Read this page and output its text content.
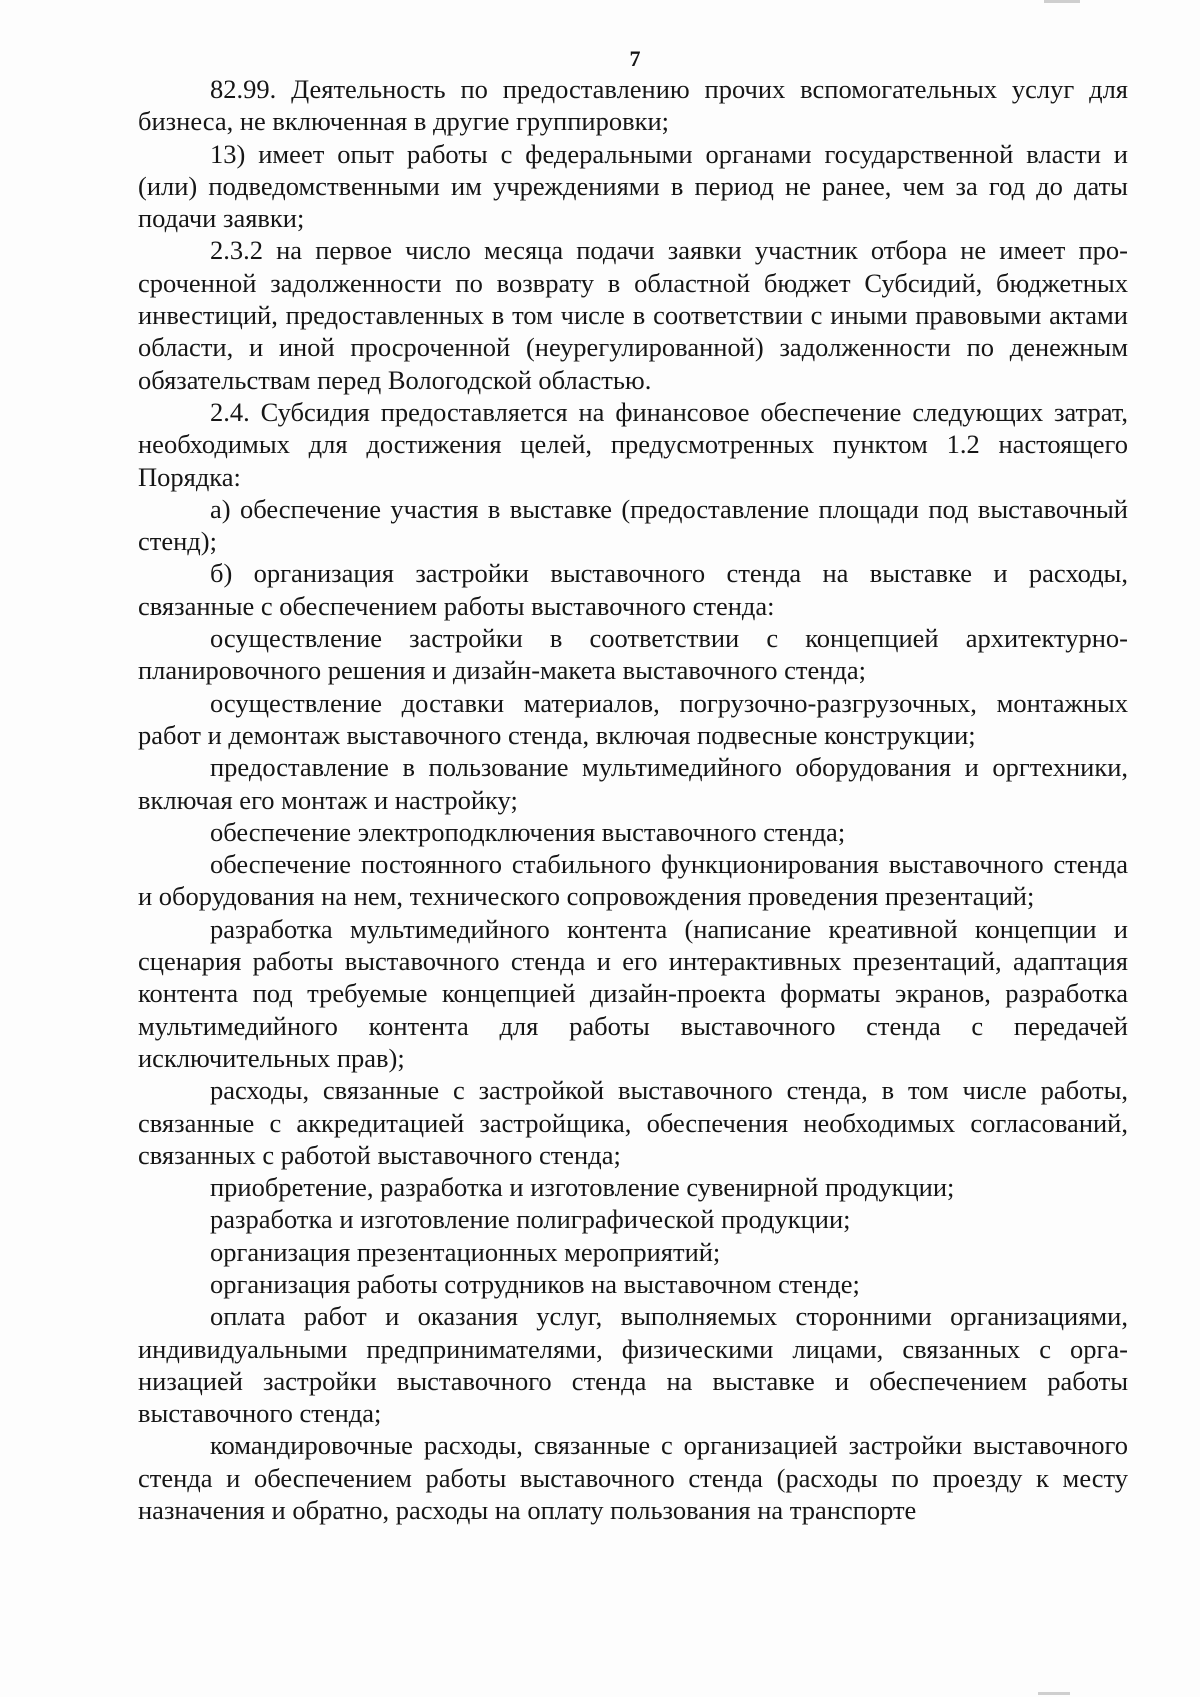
7

82.99. Деятельность по предоставлению прочих вспомогательных услуг для бизнеса, не включенная в другие группировки;

13) имеет опыт работы с федеральными органами государственной власти и (или) подведомственными им учреждениями в период не ранее, чем за год до даты подачи заявки;

2.3.2 на первое число месяца подачи заявки участник отбора не имеет просроченной задолженности по возврату в областной бюджет Субсидий, бюджетных инвестиций, предоставленных в том числе в соответствии с иными правовыми актами области, и иной просроченной (неурегулированной) задолженности по денежным обязательствам перед Вологодской областью.

2.4. Субсидия предоставляется на финансовое обеспечение следующих затрат, необходимых для достижения целей, предусмотренных пунктом 1.2 настоящего Порядка:

а) обеспечение участия в выставке (предоставление площади под выставочный стенд);

б) организация застройки выставочного стенда на выставке и расходы, связанные с обеспечением работы выставочного стенда:

осуществление застройки в соответствии с концепцией архитектурно-планировочного решения и дизайн-макета выставочного стенда;

осуществление доставки материалов, погрузочно-разгрузочных, монтажных работ и демонтаж выставочного стенда, включая подвесные конструкции;

предоставление в пользование мультимедийного оборудования и оргтехники, включая его монтаж и настройку;

обеспечение электроподключения выставочного стенда;

обеспечение постоянного стабильного функционирования выставочного стенда и оборудования на нем, технического сопровождения проведения презентаций;

разработка мультимедийного контента (написание креативной концепции и сценария работы выставочного стенда и его интерактивных презентаций, адаптация контента под требуемые концепцией дизайн-проекта форматы экранов, разработка мультимедийного контента для работы выставочного стенда с передачей исключительных прав);

расходы, связанные с застройкой выставочного стенда, в том числе работы, связанные с аккредитацией застройщика, обеспечения необходимых согласований, связанных с работой выставочного стенда;

приобретение, разработка и изготовление сувенирной продукции;

разработка и изготовление полиграфической продукции;

организация презентационных мероприятий;

организация работы сотрудников на выставочном стенде;

оплата работ и оказания услуг, выполняемых сторонними организациями, индивидуальными предпринимателями, физическими лицами, связанных с организацией застройки выставочного стенда на выставке и обеспечением работы выставочного стенда;

командировочные расходы, связанные с организацией застройки выставочного стенда и обеспечением работы выставочного стенда (расходы по проезду к месту назначения и обратно, расходы на оплату пользования на транспорте
